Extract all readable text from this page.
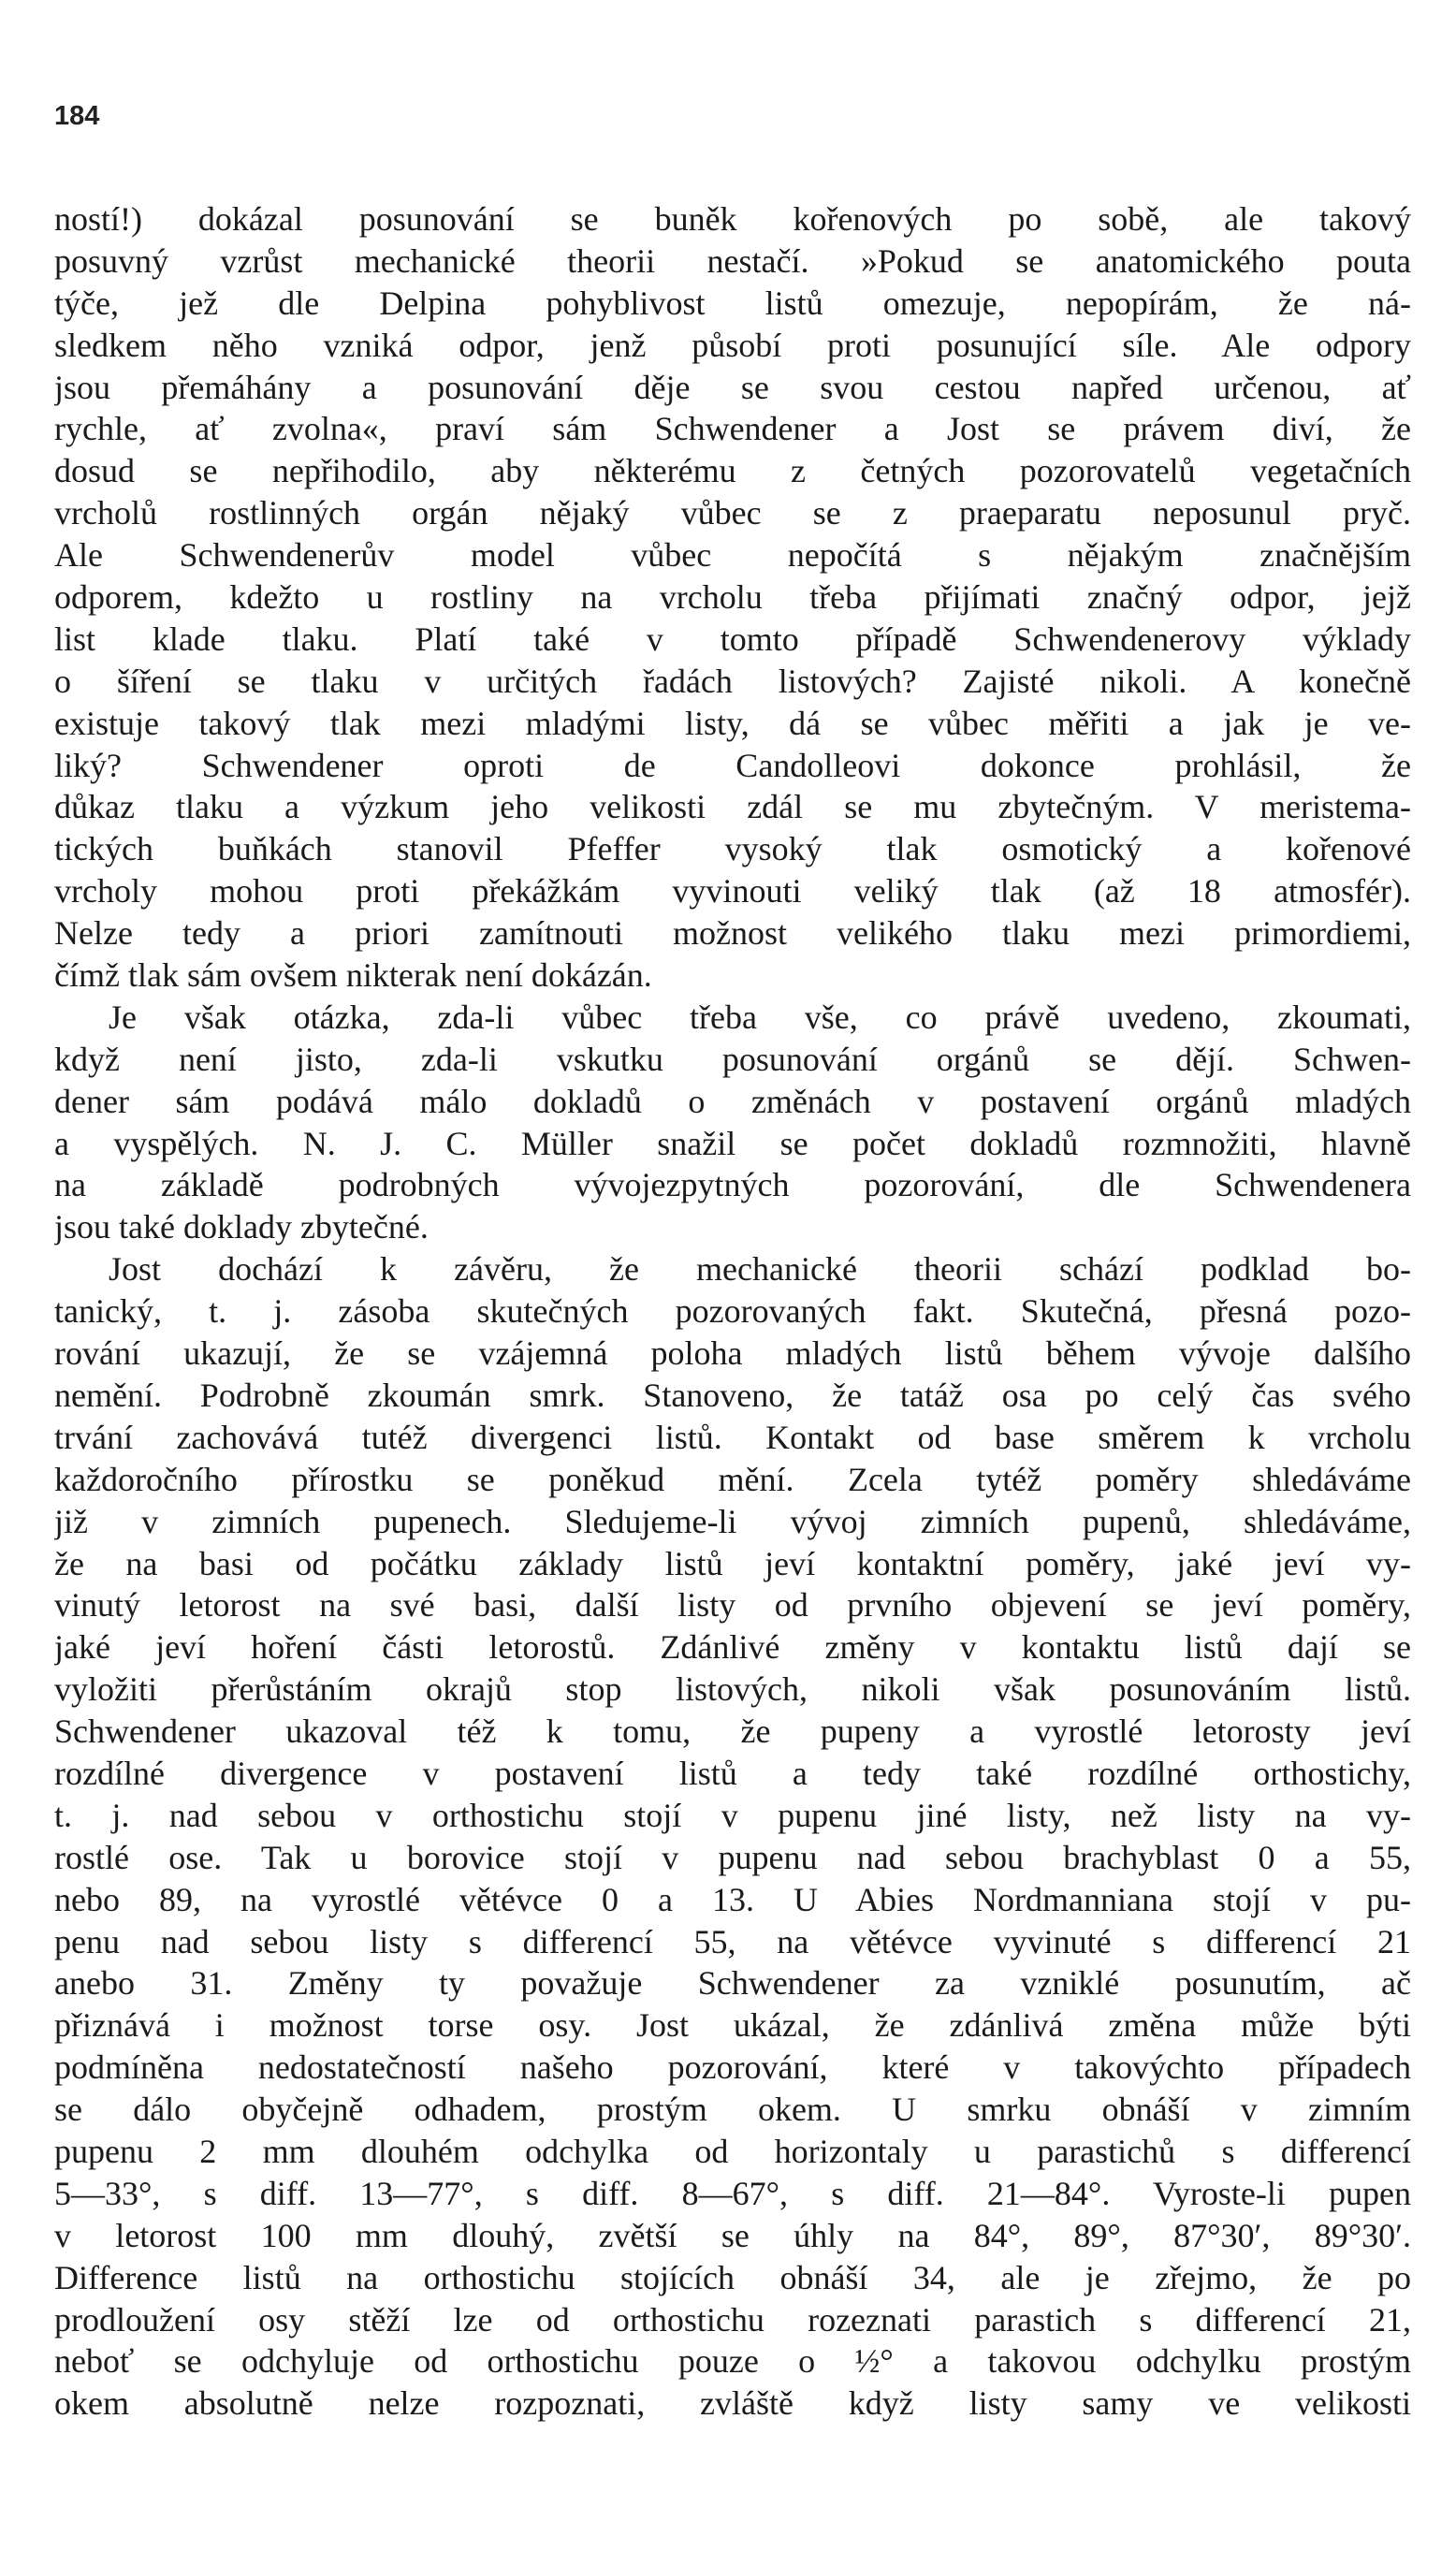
184
ností!) dokázal posunování se buněk kořenových po sobě, ale takový
posuvný vzrůst mechanické theorii nestačí. »Pokud se anatomického pouta
týče, jež dle Delpina pohyblivost listů omezuje, nepopírám, že ná-
sledkem něho vzniká odpor, jenž působí proti posunující síle. Ale odpory
jsou přemáhány a posunování děje se svou cestou napřed určenou, ať
rychle, ať zvolna«, praví sám Schwendener a Jost se právem diví, že
dosud se nepřihodilo, aby některému z četných pozorovatelů vegetačních
vrcholů rostlinných orgán nějaký vůbec se z praeparatu neposunul pryč.
Ale Schwendenerův model vůbec nepočítá s nějakým značnějším
odporem, kdežto u rostliny na vrcholu třeba přijímati značný odpor, jejž
list klade tlaku. Platí také v tomto případě Schwendenerovy výklady
o šíření se tlaku v určitých řadách listových? Zajisté nikoli. A konečně
existuje takový tlak mezi mladými listy, dá se vůbec měřiti a jak je ve-
liký? Schwendener oproti de Candolleovi dokonce prohlásil, že
důkaz tlaku a výzkum jeho velikosti zdál se mu zbytečným. V meristema-
tických buňkách stanovil Pfeffer vysoký tlak osmotický a kořenové
vrcholy mohou proti překážkám vyvinouti veliký tlak (až 18 atmosfér).
Nelze tedy a priori zamítnouti možnost velikého tlaku mezi primordiemi,
čímž tlak sám ovšem nikterak není dokázán.
Je však otázka, zda-li vůbec třeba vše, co právě uvedeno, zkoumati,
když není jisto, zda-li vskutku posunování orgánů se dějí. Schwen-
dener sám podává málo dokladů o změnách v postavení orgánů mladých
a vyspělých. N. J. C. Müller snažil se počet dokladů rozmnožiti, hlavně
na základě podrobných vývojezpytných pozorování, dle Schwendenera
jsou také doklady zbytečné.
Jost dochází k závěru, že mechanické theorii schází podklad bo-
tanický, t. j. zásoba skutečných pozorovaných fakt. Skutečná, přesná pozo-
rování ukazují, že se vzájemná poloha mladých listů během vývoje dalšího
nemění. Podrobně zkoumán smrk. Stanoveno, že tatáž osa po celý čas svého
trvání zachovává tutéž divergenci listů. Kontakt od base směrem k vrcholu
každoročního přírostku se poněkud mění. Zcela tytéž poměry shledáváme
již v zimních pupenech. Sledujeme-li vývoj zimních pupenů, shledáváme,
že na basi od počátku základy listů jeví kontaktní poměry, jaké jeví vy-
vinutý letorost na své basi, další listy od prvního objevení se jeví poměry,
jaké jeví hoření části letorostů. Zdánlivé změny v kontaktu listů dají se
vyložiti přerůstáním okrajů stop listových, nikoli však posunováním listů.
Schwendener ukazoval též k tomu, že pupeny a vyrostlé letorosty jeví
rozdílné divergence v postavení listů a tedy také rozdílné orthostichy,
t. j. nad sebou v orthostichu stojí v pupenu jiné listy, než listy na vy-
rostlé ose. Tak u borovice stojí v pupenu nad sebou brachyblast 0 a 55,
nebo 89, na vyrostlé větévce 0 a 13. U Abies Nordmanniana stojí v pu-
penu nad sebou listy s differencí 55, na větévce vyvinuté s differencí 21
anebo 31. Změny ty považuje Schwendener za vzniklé posunutím, ač
přiznává i možnost torse osy. Jost ukázal, že zdánlivá změna může býti
podmíněna nedostatečností našeho pozorování, které v takovýchto případech
se dálo obyčejně odhadem, prostým okem. U smrku obnáší v zimním
pupenu 2 mm dlouhém odchylka od horizontaly u parastichů s differencí
5—33°, s diff. 13—77°, s diff. 8—67°, s diff. 21—84°. Vyroste-li pupen
v letorost 100 mm dlouhý, zvětší se úhly na 84°, 89°, 87°30′, 89°30′.
Difference listů na orthostichu stojících obnáší 34, ale je zřejmo, že po
prodloužení osy stěží lze od orthostichu rozeznati parastich s differencí 21,
neboť se odchyluje od orthostichu pouze o ½° a takovou odchylku prostým
okem absolutně nelze rozpoznati, zvláště když listy samy ve velikosti
